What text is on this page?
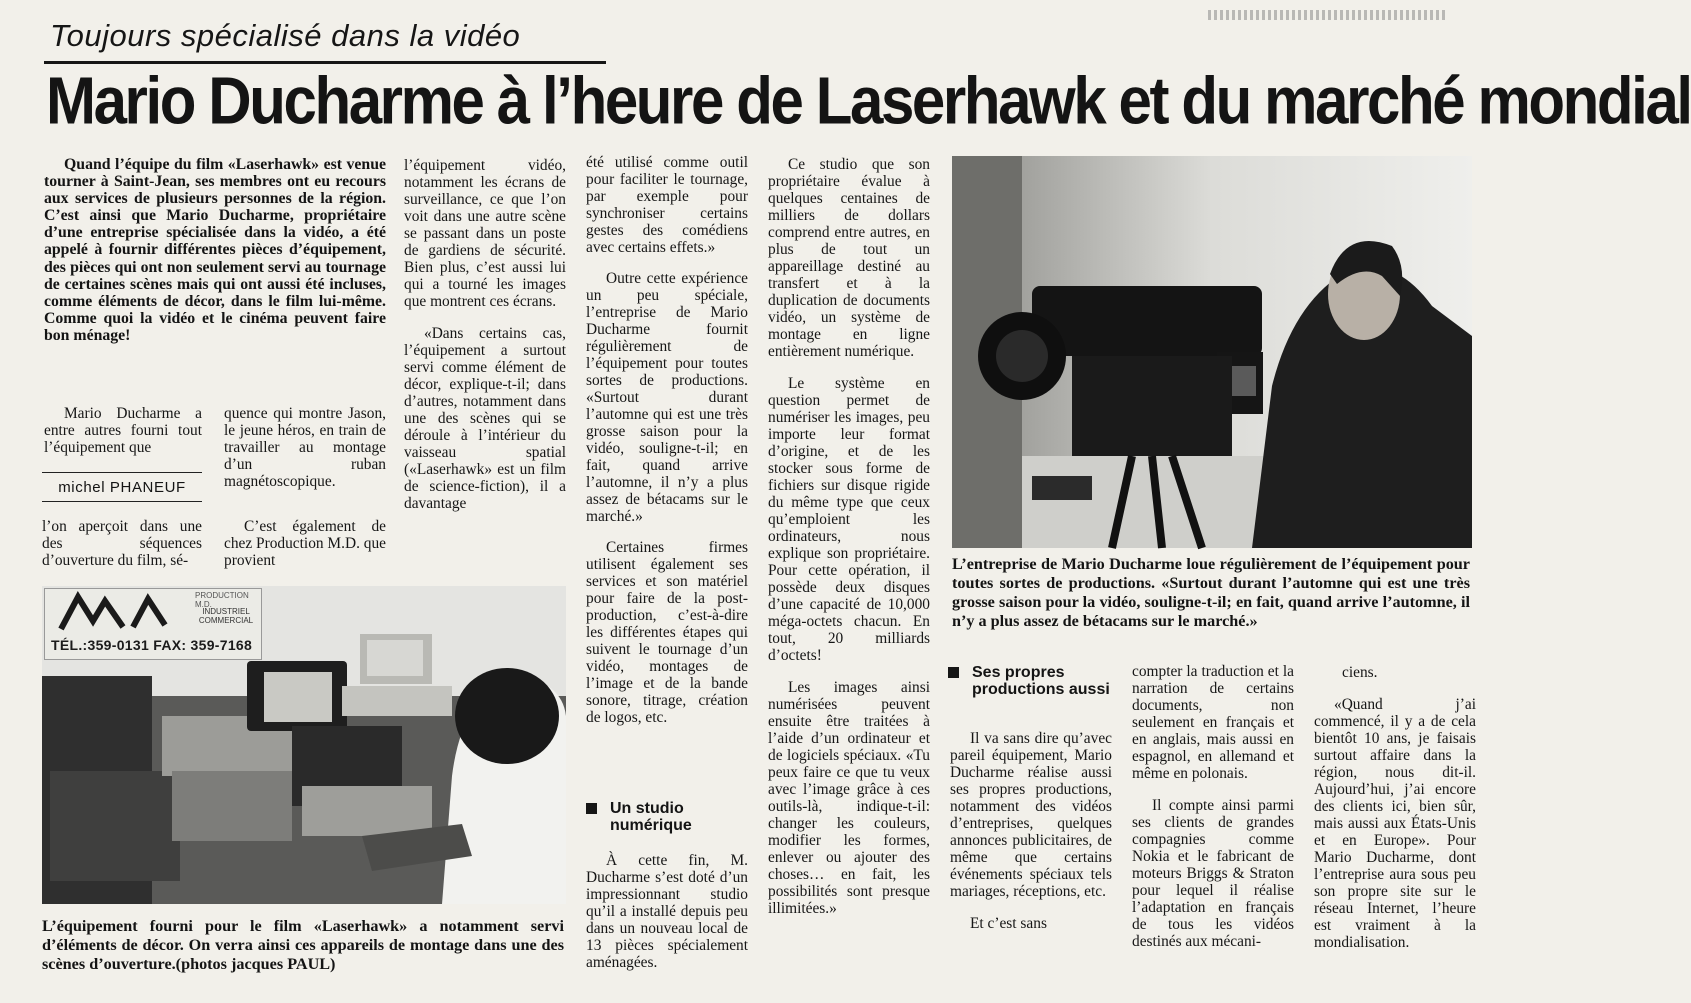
Toujours spécialisé dans la vidéo
Mario Ducharme à l’heure de Laserhawk et du marché mondial

Quand l’équipe du film «Laserhawk» est venue tourner à Saint-Jean, ses membres ont eu recours aux services de plusieurs personnes de la région. C’est ainsi que Mario Ducharme, propriétaire d’une entreprise spécialisée dans la vidéo, a été appelé à fournir différentes pièces d’équipement, des pièces qui ont non seulement servi au tournage de certaines scènes mais qui ont aussi été incluses, comme éléments de décor, dans le film lui-même. Comme quoi la vidéo et le cinéma peuvent faire bon ménage!

Mario Ducharme a entre autres fourni tout l’équipement que

michel PHANEUF

l’on aperçoit dans une des séquences d’ouverture du film, sé-

quence qui montre Jason, le jeune héros, en train de travailler au montage d’un ruban magnétoscopique.

C’est également de chez Production M.D. que provient

l’équipement vidéo, notamment les écrans de surveillance, ce que l’on voit dans une autre scène se passant dans un poste de gardiens de sécurité. Bien plus, c’est aussi lui qui a tourné les images que montrent ces écrans.

«Dans certains cas, l’équipement a surtout servi comme élément de décor, explique-t-il; dans d’autres, notamment dans une des scènes qui se déroule à l’intérieur du vaisseau spatial («Laserhawk» est un film de science-fiction), il a davantage

été utilisé comme outil pour faciliter le tournage, par exemple pour synchroniser certains gestes des comédiens avec certains effets.»

Outre cette expérience un peu spéciale, l’entreprise de Mario Ducharme fournit régulièrement de l’équipement pour toutes sortes de productions. «Surtout durant l’automne qui est une très grosse saison pour la vidéo, souligne-t-il; en fait, quand arrive l’automne, il n’y a plus assez de bétacams sur le marché.»

Certaines firmes utilisent également ses services et son matériel pour faire de la post-production, c’est-à-dire les différentes étapes qui suivent le tournage d’un vidéo, montages de l’image et de la bande sonore, titrage, création de logos, etc.

Un studio numérique

À cette fin, M. Ducharme s’est doté d’un impressionnant studio qu’il a installé depuis peu dans un nouveau local de 13 pièces spécialement aménagées.

Ce studio que son propriétaire évalue à quelques centaines de milliers de dollars comprend entre autres, en plus de tout un appareillage destiné au transfert et à la duplication de documents vidéo, un système de montage en ligne entièrement numérique.

Le système en question permet de numériser les images, peu importe leur format d’origine, et de les stocker sous forme de fichiers sur disque rigide du même type que ceux qu’emploient les ordinateurs, nous explique son propriétaire. Pour cette opération, il possède deux disques d’une capacité de 10,000 méga-octets chacun. En tout, 20 milliards d’octets!

Les images ainsi numérisées peuvent ensuite être traitées à l’aide d’un ordinateur et de logiciels spéciaux. «Tu peux faire ce que tu veux avec l’image grâce à ces outils-là, indique-t-il: changer les couleurs, modifier les formes, enlever ou ajouter des choses… en fait, les possibilités sont presque illimitées.»

L’entreprise de Mario Ducharme loue régulièrement de l’équipement pour toutes sortes de productions. «Surtout durant l’automne qui est une très grosse saison pour la vidéo, souligne-t-il; en fait, quand arrive l’automne, il n’y a plus assez de bétacams sur le marché.»
Ses propres productions aussi

Il va sans dire qu’avec pareil équipement, Mario Ducharme réalise aussi ses propres productions, notamment des vidéos d’entreprises, quelques annonces publicitaires, de même que certains événements spéciaux tels mariages, réceptions, etc.

Et c’est sans

compter la traduction et la narration de certains documents, non seulement en français et en anglais, mais aussi en espagnol, en allemand et même en polonais.

Il compte ainsi parmi ses clients de grandes compagnies comme Nokia et le fabricant de moteurs Briggs & Straton pour lequel il réalise l’adaptation en français de tous les vidéos destinés aux mécani-

ciens.

«Quand j’ai commencé, il y a de cela bientôt 10 ans, je faisais surtout affaire dans la région, nous dit-il. Aujourd’hui, j’ai encore des clients ici, bien sûr, mais aussi aux États-Unis et en Europe». Pour Mario Ducharme, dont l’entreprise aura sous peu son propre site sur le réseau Internet, l’heure est vraiment à la mondialisation.

PRODUCTION M.D.
INDUSTRIEL COMMERCIAL
TÉL.:359-0131 FAX: 359-7168
L’équipement fourni pour le film «Laserhawk» a notamment servi d’éléments de décor. On verra ainsi ces appareils de montage dans une des scènes d’ouverture.(photos jacques PAUL)
